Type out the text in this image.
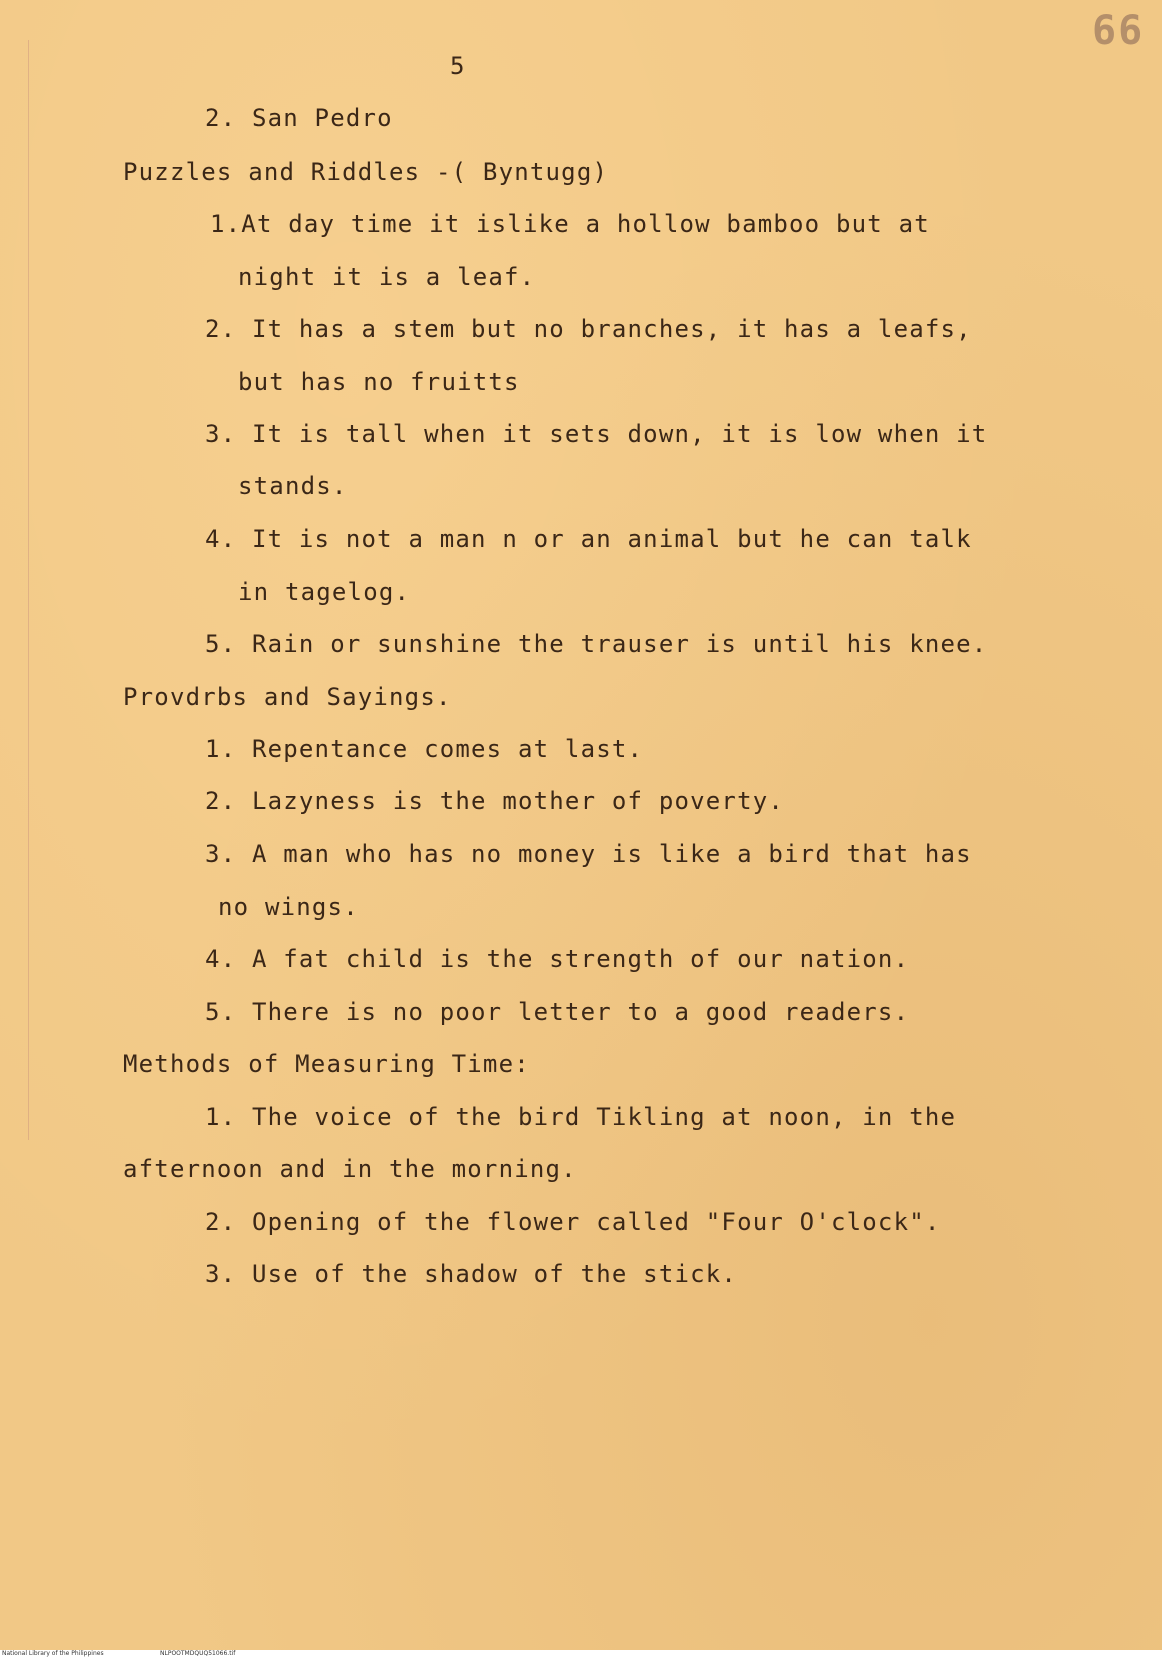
66
5
2. San Pedro
Puzzles and Riddles -( Byntugg)
1.At day time it islike a hollow bamboo but at
night it is a leaf.
2. It has a stem but no branches, it has a leafs,
but has no fruitts
3. It is tall when it sets down, it is low when it
stands.
4. It is not a man n or an animal but he can talk
in tagelog.
5. Rain or sunshine the trauser is until his knee.
Provdrbs and Sayings.
1. Repentance comes at last.
2. Lazyness is the mother of poverty.
3. A man who has no money is like a bird that has
no wings.
4. A fat child is the strength of our nation.
5. There is no poor letter to a good readers.
Methods of Measuring Time:
1. The voice of the bird Tikling at noon, in the
afternoon and in the morning.
2. Opening of the flower called "Four O'clock".
3. Use of the shadow of the stick.
National Library of the Philippines	NLPOOTMDQUQ51066.tif
